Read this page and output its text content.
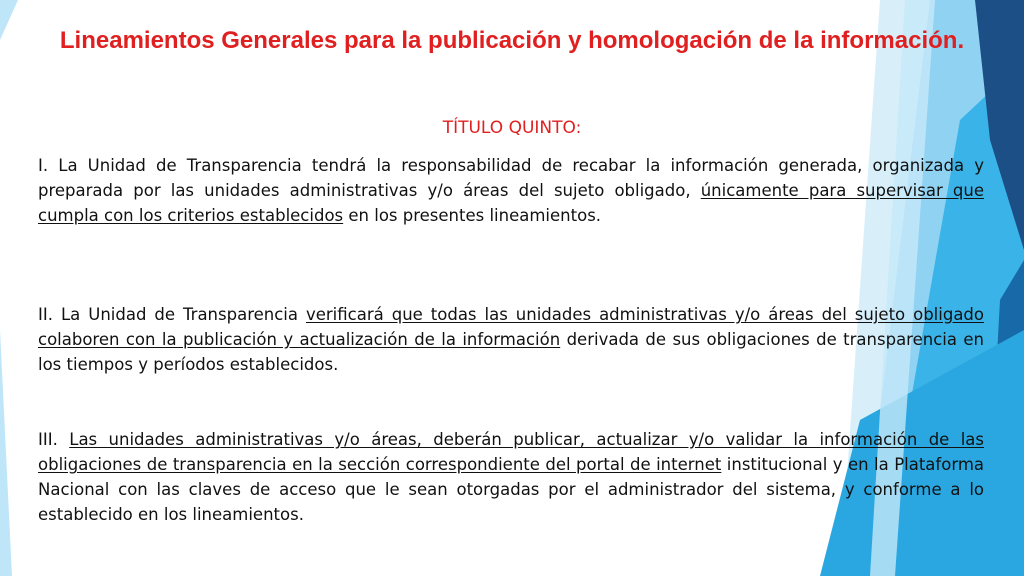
Lineamientos Generales para la publicación y homologación de la información.
TÍTULO QUINTO:
I. La Unidad de Transparencia tendrá la responsabilidad de recabar la información generada, organizada y preparada por las unidades administrativas y/o áreas del sujeto obligado, únicamente para supervisar que cumpla con los criterios establecidos en los presentes lineamientos.
II. La Unidad de Transparencia verificará que todas las unidades administrativas y/o áreas del sujeto obligado colaboren con la publicación y actualización de la información derivada de sus obligaciones de transparencia en los tiempos y períodos establecidos.
III. Las unidades administrativas y/o áreas, deberán publicar, actualizar y/o validar la información de las obligaciones de transparencia en la sección correspondiente del portal de internet institucional y en la Plataforma Nacional con las claves de acceso que le sean otorgadas por el administrador del sistema, y conforme a lo establecido en los lineamientos.
